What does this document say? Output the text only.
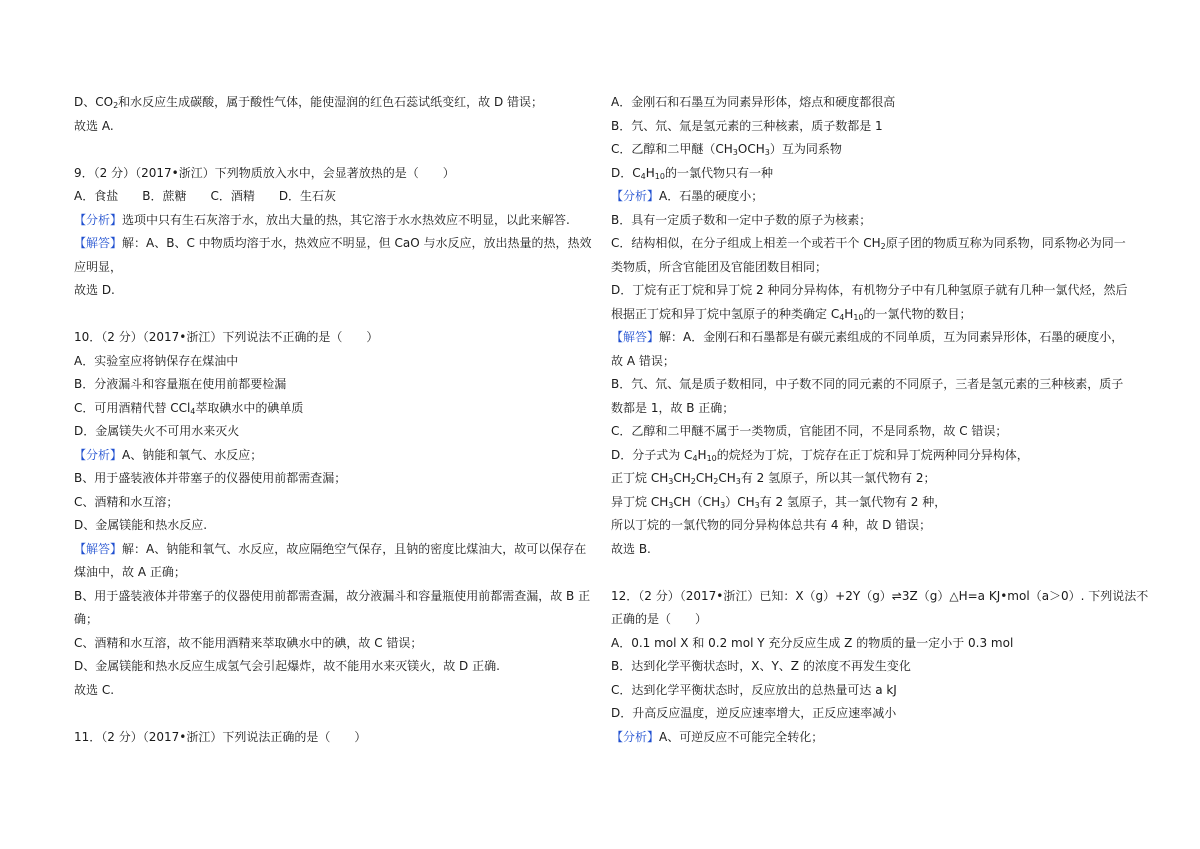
D、$CO_2$和水反应生成碳酸，属于酸性气体，能使湿润的红色石蕊试纸变红，故 D 错误；
故选 A.
9．（2 分）（2017•浙江）下列物质放入水中，会显著放热的是（　　）
A．食盐　　B．蔗糖　　C．酒精　　D．生石灰
【分析】选项中只有生石灰溶于水，放出大量的热，其它溶于水水热效应不明显，以此来解答.
【解答】解：A、B、C 中物质均溶于水，热效应不明显，但 CaO 与水反应，放出热量的热，热效
应明显，
故选 D.
10．（2 分）（2017•浙江）下列说法不正确的是（　　）
A．实验室应将钠保存在煤油中
B．分液漏斗和容量瓶在使用前都要检漏
C．可用酒精代替 CCl$_4$萃取碘水中的碘单质
D．金属镁失火不可用水来灭火
【分析】A、钠能和氧气、水反应；
B、用于盛装液体并带塞子的仪器使用前都需查漏；
C、酒精和水互溶；
D、金属镁能和热水反应.
【解答】解：A、钠能和氧气、水反应，故应隔绝空气保存，且钠的密度比煤油大，故可以保存在
煤油中，故 A 正确；
B、用于盛装液体并带塞子的仪器使用前都需查漏，故分液漏斗和容量瓶使用前都需查漏，故 B 正
确；
C、酒精和水互溶，故不能用酒精来萃取碘水中的碘，故 C 错误；
D、金属镁能和热水反应生成氢气会引起爆炸，故不能用水来灭镁火，故 D 正确.
故选 C.
11．（2 分）（2017•浙江）下列说法正确的是（　　）
A．金刚石和石墨互为同素异形体，熔点和硬度都很高
B．氕、氘、氚是氢元素的三种核素，质子数都是 1
C．乙醇和二甲醚$(CH_3OCH_3)$互为同系物
D．$C_4H_{10}$的一氯代物只有一种
【分析】A．石墨的硬度小；
B．具有一定质子数和一定中子数的原子为核素；
C．结构相似，在分子组成上相差一个或若干个 $CH_2$原子团的物质互称为同系物，同系物必为同一
类物质，所含官能团及官能团数目相同；
D．丁烷有正丁烷和异丁烷 2 种同分异构体，有机物分子中有几种氢原子就有几种一氯代烃，然后
根据正丁烷和异丁烷中氢原子的种类确定 $C_4H_{10}$的一氯代物的数目；
【解答】解：A．金刚石和石墨都是有碳元素组成的不同单质，互为同素异形体，石墨的硬度小，
故 A 错误；
B．氕、氘、氚是质子数相同，中子数不同的同元素的不同原子，三者是氢元素的三种核素，质子
数都是 1，故 B 正确；
C．乙醇和二甲醚不属于一类物质，官能团不同，不是同系物，故 C 错误；
D．分子式为 $C_4H_{10}$的烷烃为丁烷，丁烷存在正丁烷和异丁烷两种同分异构体，
正丁烷 $CH_3CH_2CH_2CH_3$有 2 氢原子，所以其一氯代物有 2；
异丁烷 $CH_3CH(CH_3)CH_3$有 2 氢原子，其一氯代物有 2 种，
所以丁烷的一氯代物的同分异构体总共有 4 种，故 D 错误；
故选 B.
12．（2 分）（2017•浙江）已知：X（g）+2Y（g）⇌3Z（g）△H=a KJ•mol（a＞0）. 下列说法不
正确的是（　　）
A．0.1 mol X 和 0.2 mol Y 充分反应生成 Z 的物质的量一定小于 0.3 mol
B．达到化学平衡状态时，X、Y、Z 的浓度不再发生变化
C．达到化学平衡状态时，反应放出的总热量可达 a kJ
D．升高反应温度，逆反应速率增大，正反应速率减小
【分析】A、可逆反应不可能完全转化；
